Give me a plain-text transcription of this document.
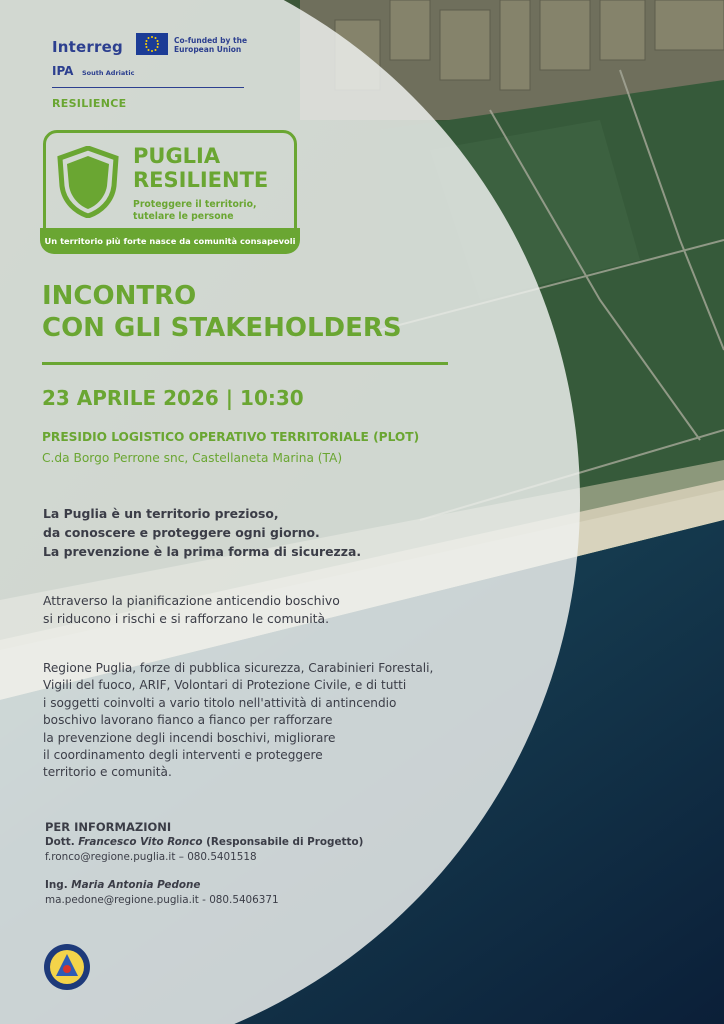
Interreg	Co-funded by the European Union
IPA South Adriatic
RESILIENCE
Un territorio più forte nasce da comunità consapevoli
PUGLIA
RESILIENTE
Proteggere il territorio,
tutelare le persone
INCONTRO
CON GLI STAKEHOLDERS
23 APRILE 2026 | 10:30
PRESIDIO LOGISTICO OPERATIVO TERRITORIALE (PLOT)
C.da Borgo Perrone snc, Castellaneta Marina (TA)
La Puglia è un territorio prezioso,
da conoscere e proteggere ogni giorno.
La prevenzione è la prima forma di sicurezza.
Attraverso la pianificazione anticendio boschivo
si riducono i rischi e si rafforzano le comunità.
Regione Puglia, forze di pubblica sicurezza, Carabinieri Forestali,
Vigili del fuoco, ARIF, Volontari di Protezione Civile, e di tutti
i soggetti coinvolti a vario titolo nell'attività di antincendio
boschivo lavorano fianco a fianco per rafforzare
la prevenzione degli incendi boschivi, migliorare
il coordinamento degli interventi e proteggere
territorio e comunità.
PER INFORMAZIONI
Dott. Francesco Vito Ronco (Responsabile di Progetto)
f.ronco@regione.puglia.it – 080.5401518
Ing. Maria Antonia Pedone
ma.pedone@regione.puglia.it - 080.5406371
